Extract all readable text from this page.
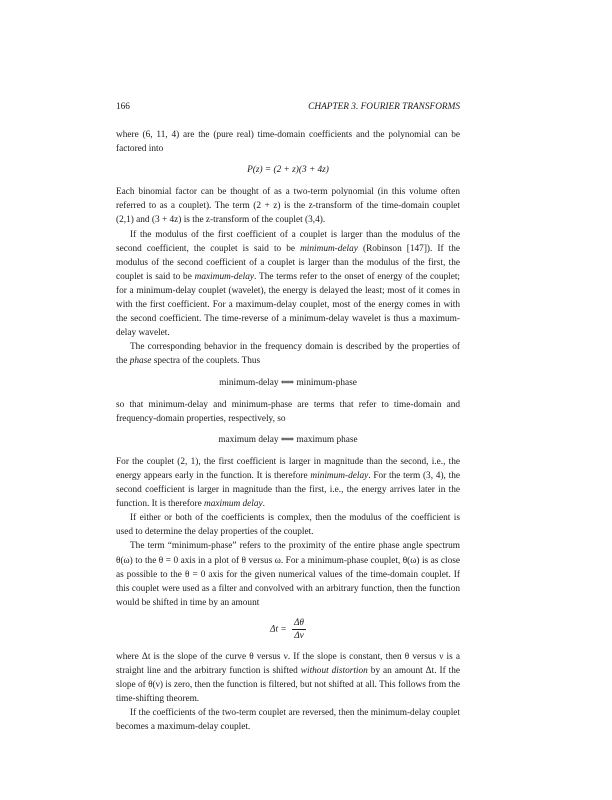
166	CHAPTER 3. FOURIER TRANSFORMS

where (6, 11, 4) are the (pure real) time-domain coefficients and the polynomial can be factored into

P(z) = (2 + z)(3 + 4z)

Each binomial factor can be thought of as a two-term polynomial (in this volume often referred to as a couplet). The term (2 + z) is the z-transform of the time-domain couplet (2,1) and (3 + 4z) is the z-transform of the couplet (3,4).

If the modulus of the first coefficient of a couplet is larger than the modulus of the second coefficient, the couplet is said to be minimum-delay (Robinson [147]). If the modulus of the second coefficient of a couplet is larger than the modulus of the first, the couplet is said to be maximum-delay. The terms refer to the onset of energy of the couplet; for a minimum-delay couplet (wavelet), the energy is delayed the least; most of it comes in with the first coefficient. For a maximum-delay couplet, most of the energy comes in with the second coefficient. The time-reverse of a minimum-delay wavelet is thus a maximum-delay wavelet.

The corresponding behavior in the frequency domain is described by the properties of the phase spectra of the couplets. Thus

minimum-delay ⟺ minimum-phase

so that minimum-delay and minimum-phase are terms that refer to time-domain and frequency-domain properties, respectively, so

maximum delay ⟺ maximum phase

For the couplet (2, 1), the first coefficient is larger in magnitude than the second, i.e., the energy appears early in the function. It is therefore minimum-delay. For the term (3, 4), the second coefficient is larger in magnitude than the first, i.e., the energy arrives later in the function. It is therefore maximum delay.

If either or both of the coefficients is complex, then the modulus of the coefficient is used to determine the delay properties of the couplet.

The term “minimum-phase” refers to the proximity of the entire phase angle spectrum θ(ω) to the θ = 0 axis in a plot of θ versus ω. For a minimum-phase couplet, θ(ω) is as close as possible to the θ = 0 axis for the given numerical values of the time-domain couplet. If this couplet were used as a filter and convolved with an arbitrary function, then the function would be shifted in time by an amount

$\Delta t = \frac{\Delta\theta}{\Delta\nu}$

where Δt is the slope of the curve θ versus ν. If the slope is constant, then θ versus ν is a straight line and the arbitrary function is shifted without distortion by an amount Δt. If the slope of θ(ν) is zero, then the function is filtered, but not shifted at all. This follows from the time-shifting theorem.

If the coefficients of the two-term couplet are reversed, then the minimum-delay couplet becomes a maximum-delay couplet.
